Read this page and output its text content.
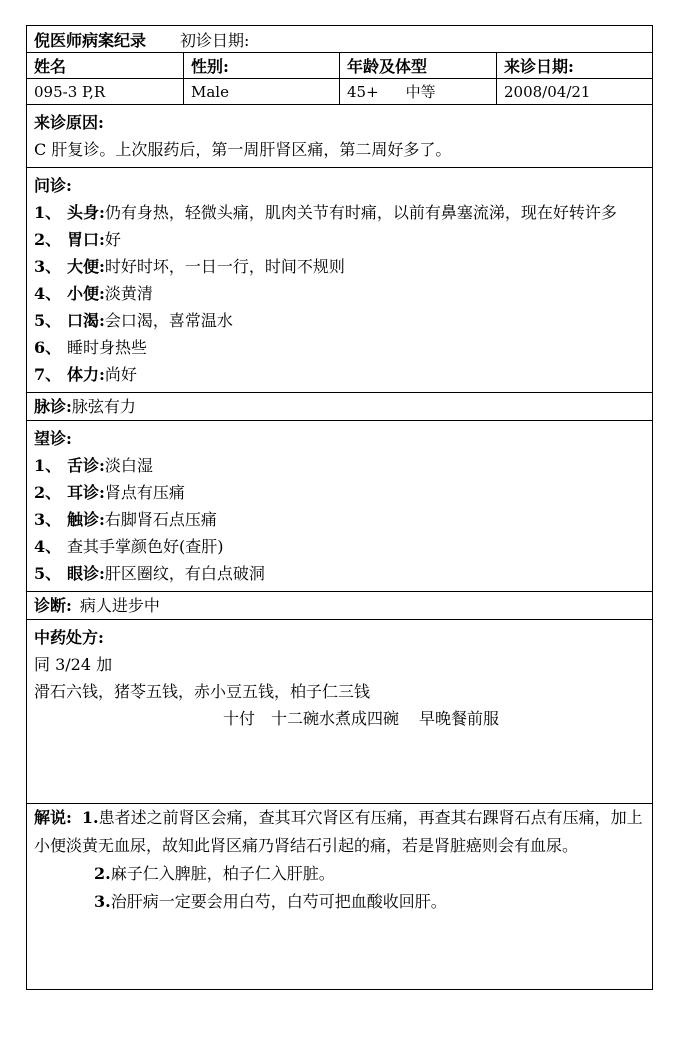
倪医师病案纪录 初诊日期:
姓名	性别:	年龄及体型	来诊日期:
095-3 P,R	Male	45+ 中等	2008/04/21
来诊原因:
C 肝复诊。上次服药后，第一周肝肾区痛，第二周好多了。
问诊:
1、 头身:仍有身热，轻微头痛，肌肉关节有时痛，以前有鼻塞流涕，现在好转许多
2、 胃口:好
3、 大便:时好时坏，一日一行，时间不规则
4、 小便:淡黄清
5、 口渴:会口渴，喜常温水
6、 睡时身热些
7、 体力:尚好
脉诊:脉弦有力
望诊:
1、 舌诊:淡白湿
2、 耳诊:肾点有压痛
3、 触诊:右脚肾石点压痛
4、 查其手掌颜色好(查肝)
5、 眼诊:肝区圈纹，有白点破洞
诊断: 病人进步中
中药处方:
同 3/24 加
滑石六钱，猪苓五钱，赤小豆五钱，柏子仁三钱
十付 十二碗水煮成四碗 早晚餐前服
解说: 1.患者述之前肾区会痛，查其耳穴肾区有压痛，再查其右踝肾石点有压痛，加上小便淡黄无血尿，故知此肾区痛乃肾结石引起的痛，若是肾脏癌则会有血尿。
2.麻子仁入脾脏，柏子仁入肝脏。
3.治肝病一定要会用白芍，白芍可把血酸收回肝。
